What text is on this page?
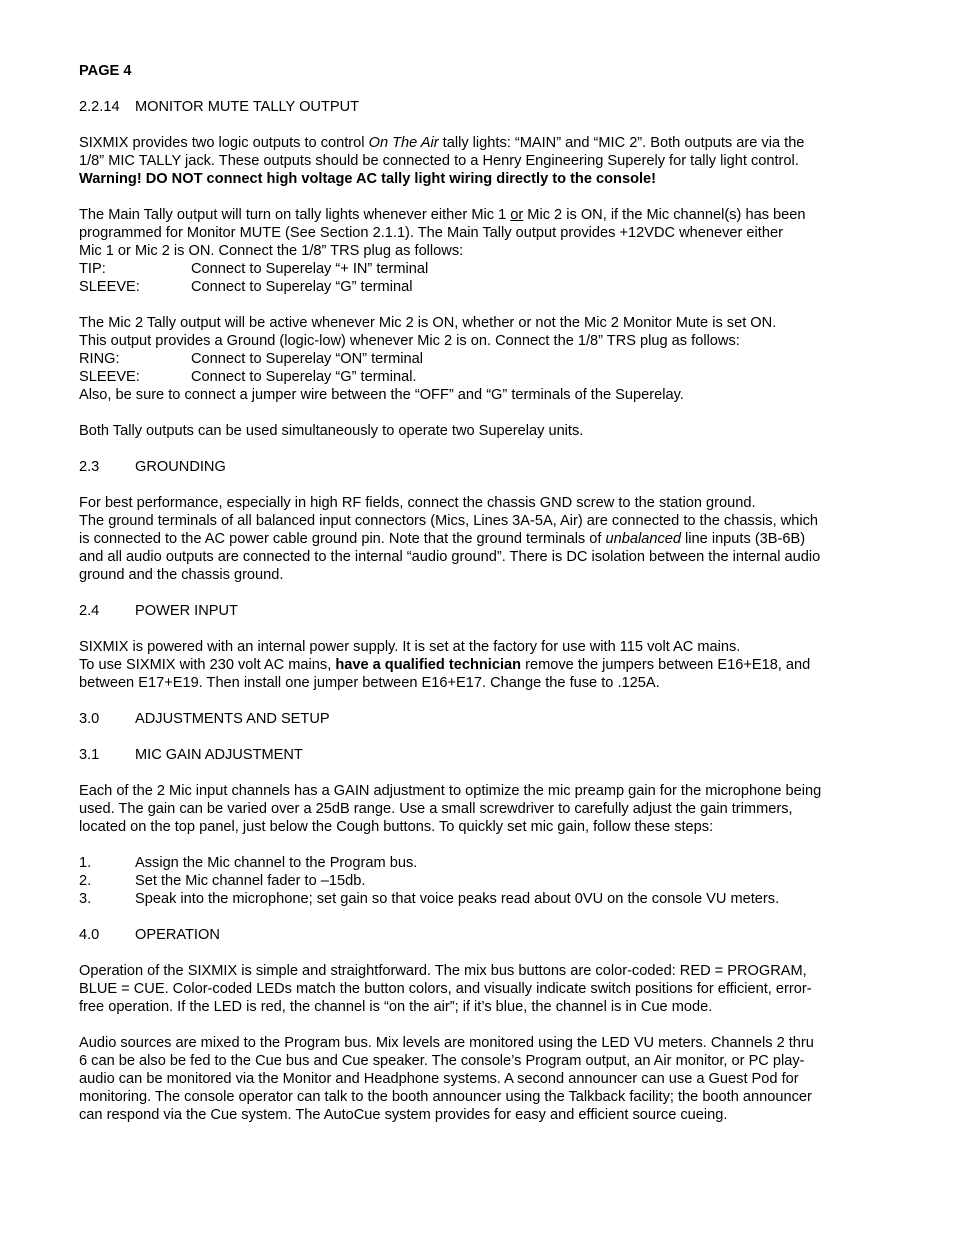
PAGE 4
2.2.14 MONITOR MUTE TALLY OUTPUT
SIXMIX provides two logic outputs to control On The Air tally lights: “MAIN” and “MIC 2”. Both outputs are via the
1/8” MIC TALLY jack. These outputs should be connected to a Henry Engineering Superely for tally light control.
Warning! DO NOT connect high voltage AC tally light wiring directly to the console!
The Main Tally output will turn on tally lights whenever either Mic 1 or Mic 2 is ON, if the Mic channel(s) has been
programmed for Monitor MUTE (See Section 2.1.1). The Main Tally output provides +12VDC whenever either
Mic 1 or Mic 2 is ON. Connect the 1/8” TRS plug as follows:
TIP:	Connect to Superelay “+ IN” terminal
SLEEVE:	Connect to Superelay “G” terminal
The Mic 2 Tally output will be active whenever Mic 2 is ON, whether or not the Mic 2 Monitor Mute is set ON.
This output provides a Ground (logic-low) whenever Mic 2 is on. Connect the 1/8” TRS plug as follows:
RING:	Connect to Superelay “ON” terminal
SLEEVE:	Connect to Superelay “G” terminal.
Also, be sure to connect a jumper wire between the “OFF” and “G” terminals of the Superelay.
Both Tally outputs can be used simultaneously to operate two Superelay units.
2.3 GROUNDING
For best performance, especially in high RF fields, connect the chassis GND screw to the station ground.
The ground terminals of all balanced input connectors (Mics, Lines 3A-5A, Air) are connected to the chassis, which
is connected to the AC power cable ground pin. Note that the ground terminals of unbalanced line inputs (3B-6B)
and all audio outputs are connected to the internal “audio ground”. There is DC isolation between the internal audio
ground and the chassis ground.
2.4 POWER INPUT
SIXMIX is powered with an internal power supply. It is set at the factory for use with 115 volt AC mains.
To use SIXMIX with 230 volt AC mains, have a qualified technician remove the jumpers between E16+E18, and
between E17+E19. Then install one jumper between E16+E17. Change the fuse to .125A.
3.0 ADJUSTMENTS AND SETUP
3.1 MIC GAIN ADJUSTMENT
Each of the 2 Mic input channels has a GAIN adjustment to optimize the mic preamp gain for the microphone being
used. The gain can be varied over a 25dB range. Use a small screwdriver to carefully adjust the gain trimmers,
located on the top panel, just below the Cough buttons. To quickly set mic gain, follow these steps:
1.	Assign the Mic channel to the Program bus.
2.	Set the Mic channel fader to –15db.
3.	Speak into the microphone; set gain so that voice peaks read about 0VU on the console VU meters.
4.0 OPERATION
Operation of the SIXMIX is simple and straightforward. The mix bus buttons are color-coded: RED = PROGRAM,
BLUE = CUE. Color-coded LEDs match the button colors, and visually indicate switch positions for efficient, error-
free operation. If the LED is red, the channel is “on the air”; if it’s blue, the channel is in Cue mode.
Audio sources are mixed to the Program bus. Mix levels are monitored using the LED VU meters. Channels 2 thru
6 can be also be fed to the Cue bus and Cue speaker. The console’s Program output, an Air monitor, or PC play-
audio can be monitored via the Monitor and Headphone systems. A second announcer can use a Guest Pod for
monitoring. The console operator can talk to the booth announcer using the Talkback facility; the booth announcer
can respond via the Cue system. The AutoCue system provides for easy and efficient source cueing.
